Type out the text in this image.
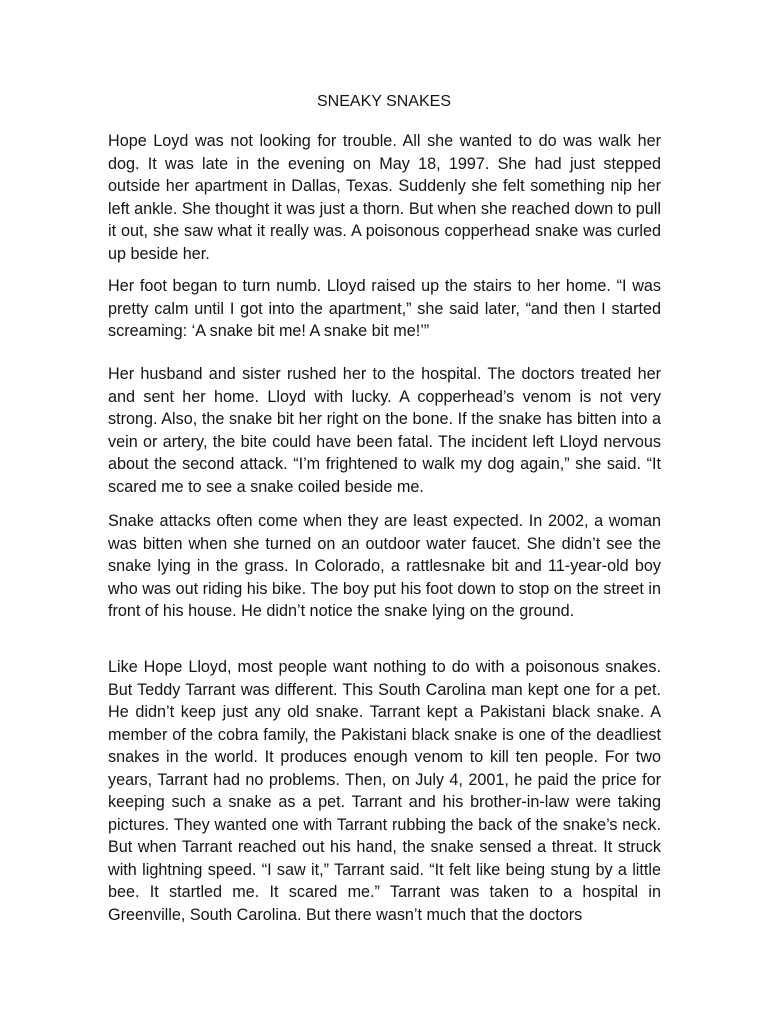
SNEAKY SNAKES

Hope Loyd was not looking for trouble. All she wanted to do was walk her dog. It was late in the evening on May 18, 1997. She had just stepped outside her apartment in Dallas, Texas. Suddenly she felt something nip her left ankle. She thought it was just a thorn. But when she reached down to pull it out, she saw what it really was. A poisonous copperhead snake was curled up beside her.

Her foot began to turn numb. Lloyd raised up the stairs to her home. “I was pretty calm until I got into the apartment,” she said later, “and then I started screaming: ‘A snake bit me! A snake bit me!’”

Her husband and sister rushed her to the hospital. The doctors treated her and sent her home. Lloyd with lucky. A copperhead’s venom is not very strong. Also, the snake bit her right on the bone. If the snake has bitten into a vein or artery, the bite could have been fatal. The incident left Lloyd nervous about the second attack. “I’m frightened to walk my dog again,” she said. “It scared me to see a snake coiled beside me.

Snake attacks often come when they are least expected. In 2002, a woman was bitten when she turned on an outdoor water faucet. She didn’t see the snake lying in the grass. In Colorado, a rattlesnake bit and 11-year-old boy who was out riding his bike. The boy put his foot down to stop on the street in front of his house. He didn’t notice the snake lying on the ground.

Like Hope Lloyd, most people want nothing to do with a poisonous snakes. But Teddy Tarrant was different. This South Carolina man kept one for a pet. He didn’t keep just any old snake. Tarrant kept a Pakistani black snake. A member of the cobra family, the Pakistani black snake is one of the deadliest snakes in the world. It produces enough venom to kill ten people. For two years, Tarrant had no problems. Then, on July 4, 2001, he paid the price for keeping such a snake as a pet. Tarrant and his brother-in-law were taking pictures. They wanted one with Tarrant rubbing the back of the snake’s neck. But when Tarrant reached out his hand, the snake sensed a threat. It struck with lightning speed. “I saw it,” Tarrant said. “It felt like being stung by a little bee. It startled me. It scared me.” Tarrant was taken to a hospital in Greenville, South Carolina. But there wasn’t much that the doctors
